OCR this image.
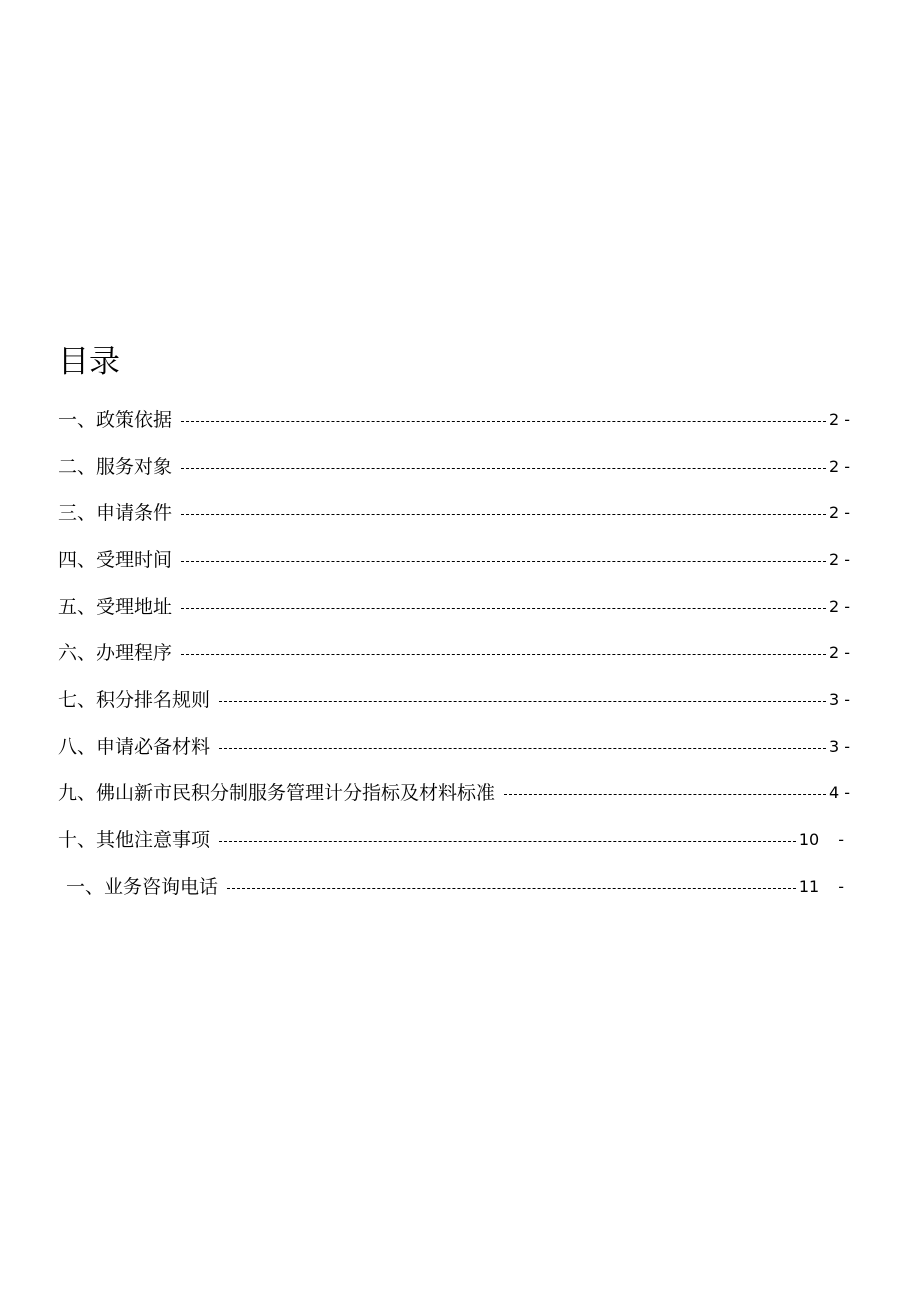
目录
一、政策依据	2 -
二、服务对象	2 -
三、申请条件	2 -
四、受理时间	2 -
五、受理地址	2 -
六、办理程序	2 -
七、积分排名规则	3 -
八、申请必备材料	3 -
九、佛山新市民积分制服务管理计分指标及材料标准	4 -
十、其他注意事项	10 -
一、业务咨询电话	11 -
